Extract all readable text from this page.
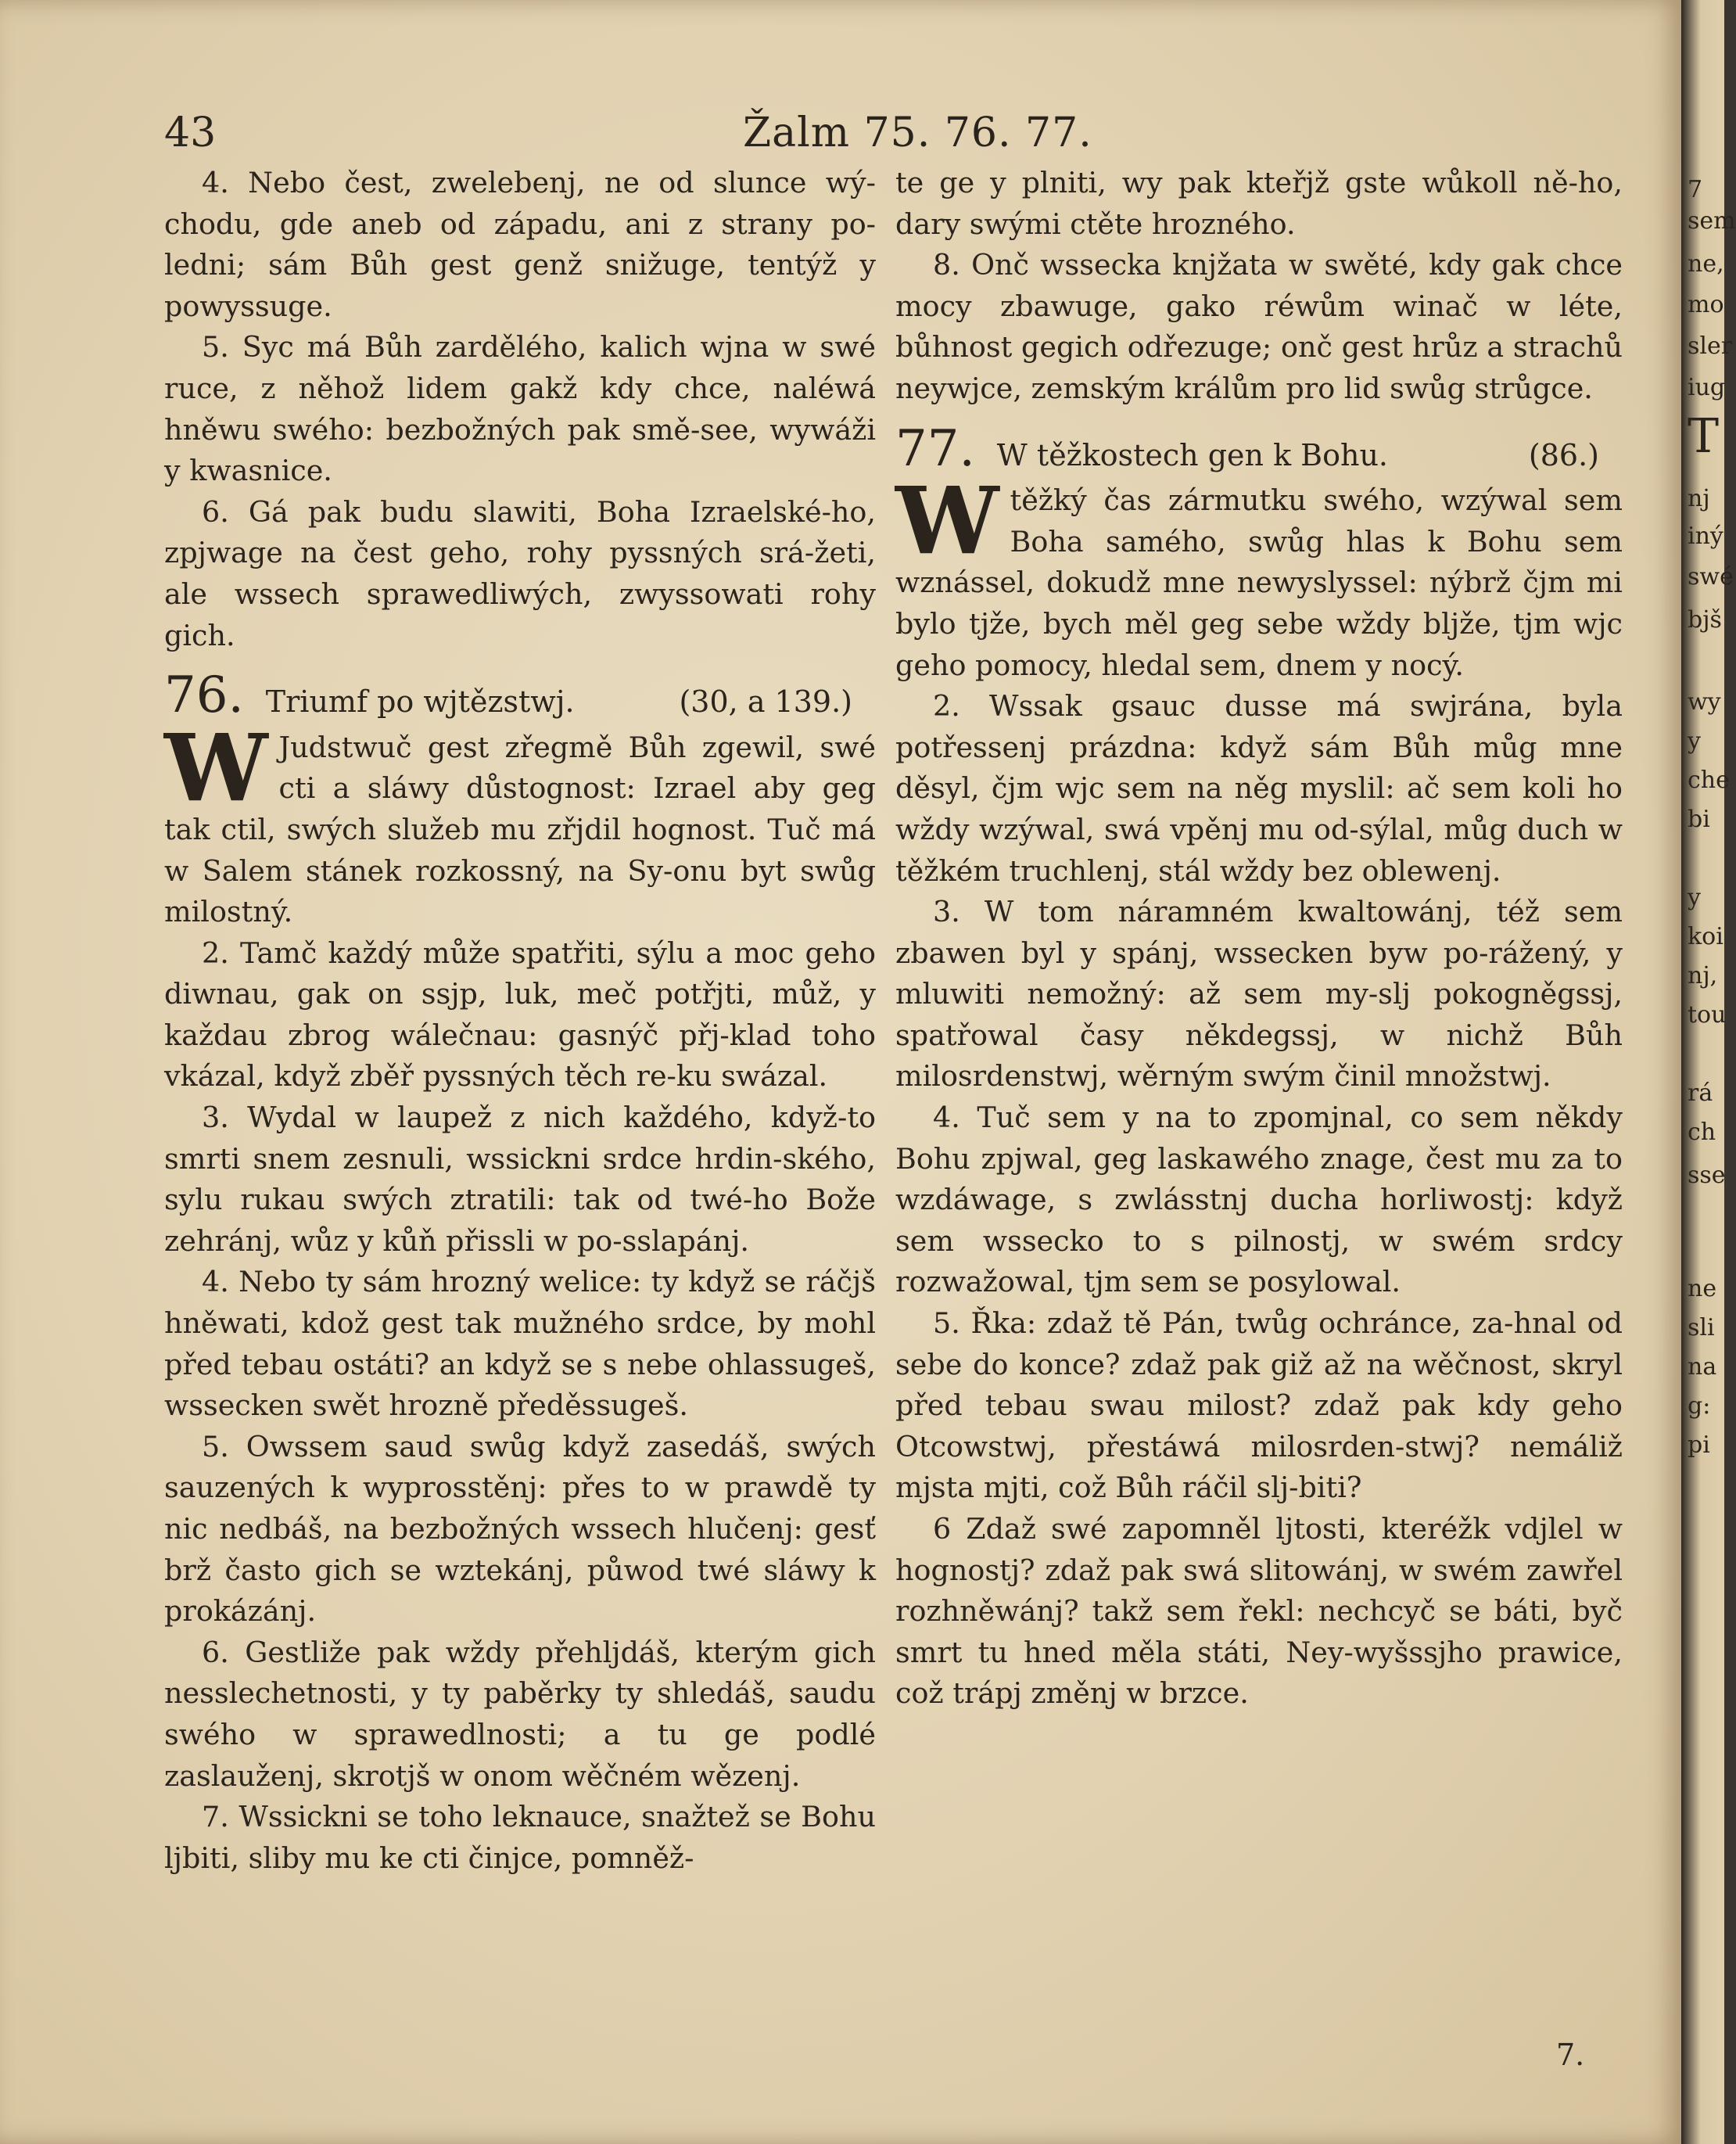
43	Žalm 75. 76. 77.

4. Nebo čest, zwelebenj, ne od slunce wý-chodu, gde aneb od západu, ani z strany po-ledni; sám Bůh gest genž snižuge, tentýž y powyssuge.

5. Syc má Bůh zardělého, kalich wjna w swé ruce, z něhož lidem gakž kdy chce, naléwá hněwu swého: bezbožných pak smě-see, wywáži y kwasnice.

6. Gá pak budu slawiti, Boha Izraelské-ho, zpjwage na čest geho, rohy pyssných srá-žeti, ale wssech sprawedliwých, zwyssowati rohy gich.

76. Triumf po wjtězstwj.	(30, a 139.)

W Judstwuč gest zřegmě Bůh zgewil, swé cti a sláwy důstognost: Izrael aby geg tak ctil, swých služeb mu zřjdil hognost. Tuč má w Salem stánek rozkossný, na Sy-onu byt swůg milostný.

2. Tamč každý může spatřiti, sýlu a moc geho diwnau, gak on ssjp, luk, meč potřjti, můž, y každau zbrog wálečnau: gasnýč přj-klad toho vkázal, když zběř pyssných těch re-ku swázal.

3. Wydal w laupež z nich každého, když-to smrti snem zesnuli, wssickni srdce hrdin-ského, sylu rukau swých ztratili: tak od twé-ho Bože zehránj, wůz y kůň přissli w po-sslapánj.

4. Nebo ty sám hrozný welice: ty když se ráčjš hněwati, kdož gest tak mužného srdce, by mohl před tebau ostáti? an když se s nebe ohlassugeš, wssecken swět hrozně předěssugeš.

5. Owssem saud swůg když zasedáš, swých sauzených k wyprosstěnj: přes to w prawdě ty nic nedbáš, na bezbožných wssech hlučenj: gesť brž často gich se wztekánj, půwod twé sláwy k prokázánj.

6. Gestliže pak wždy přehljdáš, kterým gich nesslechetnosti, y ty paběrky ty shledáš, saudu swého w sprawedlnosti; a tu ge podlé zaslauženj, skrotjš w onom wěčném wězenj.

7. Wssickni se toho leknauce, snažtež se Bohu ljbiti, sliby mu ke cti činjce, pomněž-

te ge y plniti, wy pak kteřjž gste wůkoll ně-ho, dary swými ctěte hrozného.

8. Onč wssecka knjžata w swěté, kdy gak chce mocy zbawuge, gako réwům winač w léte, bůhnost gegich odřezuge; onč gest hrůz a strachů neywjce, zemským králům pro lid swůg strůgce.

77. W těžkostech gen k Bohu.	(86.)

Wtěžký čas zármutku swého, wzýwal sem Boha samého, swůg hlas k Bohu sem wznássel, dokudž mne newyslyssel: nýbrž čjm mi bylo tjže, bych měl geg sebe wždy bljže, tjm wjc geho pomocy, hledal sem, dnem y nocý.

2. Wssak gsauc dusse má swjrána, byla potřessenj prázdna: když sám Bůh můg mne děsyl, čjm wjc sem na něg myslil: ač sem koli ho wždy wzýwal, swá vpěnj mu od-sýlal, můg duch w těžkém truchlenj, stál wždy bez oblewenj.

3. W tom náramném kwaltowánj, též sem zbawen byl y spánj, wssecken byw po-rážený, y mluwiti nemožný: až sem my-slj pokogněgssj, spatřowal časy někdegssj, w nichž Bůh milosrdenstwj, wěrným swým činil množstwj.

4. Tuč sem y na to zpomjnal, co sem někdy Bohu zpjwal, geg laskawého znage, čest mu za to wzdáwage, s zwlásstnj ducha horliwostj: když sem wssecko to s pilnostj, w swém srdcy rozwažowal, tjm sem se posylowal.

5. Řka: zdaž tě Pán, twůg ochránce, za-hnal od sebe do konce? zdaž pak giž až na wěčnost, skryl před tebau swau milost? zdaž pak kdy geho Otcowstwj, přestáwá milosrden-stwj? nemáliž mjsta mjti, což Bůh ráčil slj-biti?

6 Zdaž swé zapomněl ljtosti, kteréžk vdjlel w hognostj? zdaž pak swá slitowánj, w swém zawřel rozhněwánj? takž sem řekl: nechcyč se báti, byč smrt tu hned měla státi, Ney-wyšssjho prawice, což trápj změnj w brzce.

7.
7
sem
ne,
mo
sler
iug
T
nj
iný
swé
bjš
wy
y
che
bi
y
koi
nj,
tou
rá
ch
sse
ne
sli
na
g:
pi
